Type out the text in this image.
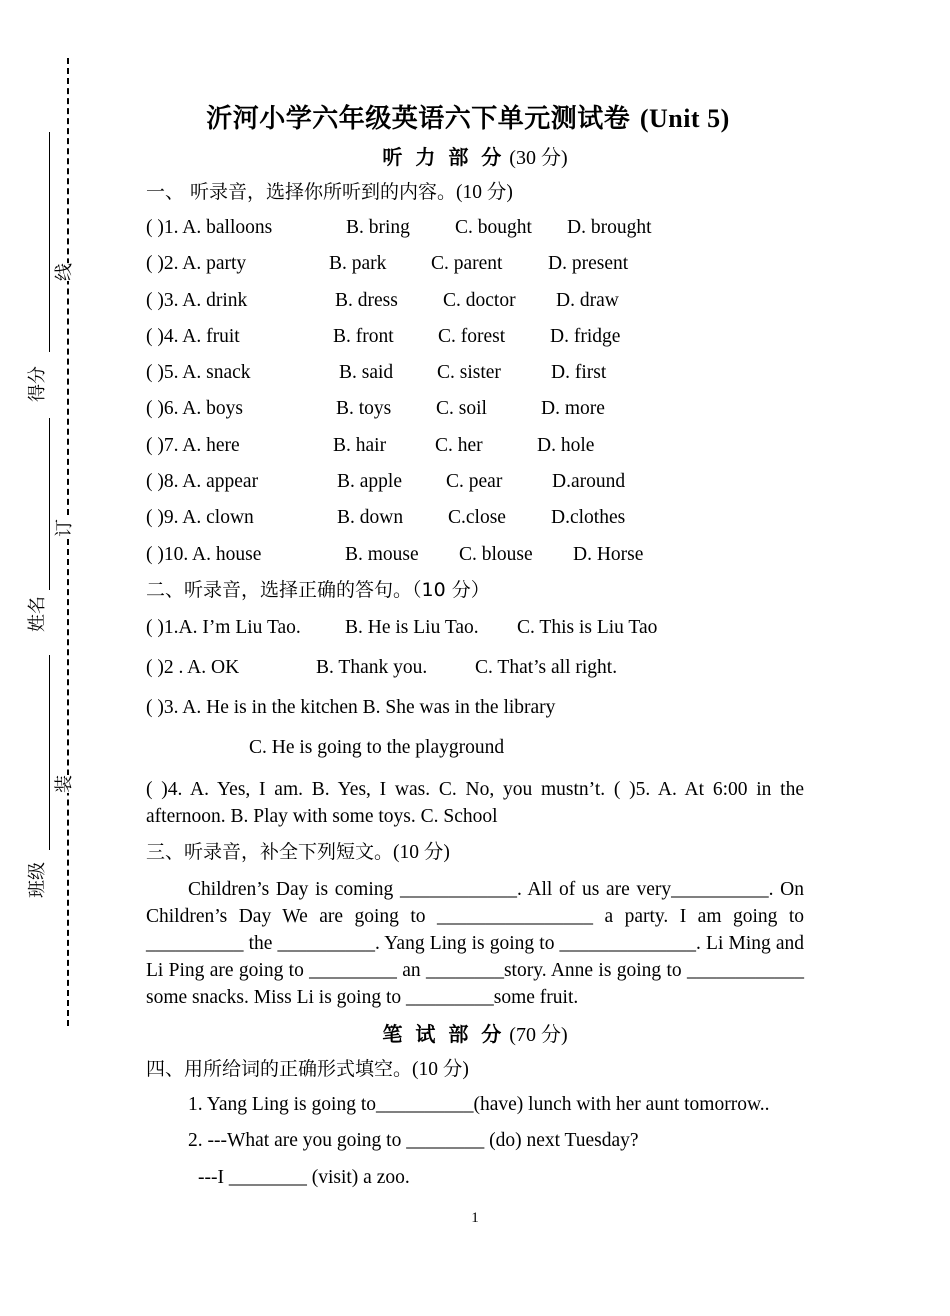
得分
姓名
班级
线
订
装
沂河小学六年级英语六下单元测试卷 (Unit 5)
听 力 部 分 (30 分)
一、 听录音，选择你所听到的内容。(10 分)
( )1. A. balloons	B. bring C. bought D. brought
( )2. A. party	B. park C. parent D. present
( )3. A. drink	B. dress C. doctor D. draw
( )4. A. fruit	B. front C. forest D. fridge
( )5. A. snack	B. said C. sister	D. first
( )6. A. boys	B. toys C. soil	D. more
( )7. A. here	B. hair	C. her	D. hole
( )8. A. appear	B. apple C. pear	D.around
( )9. A. clown	B. down C.close D.clothes
( )10. A. house	B. mouse C. blouse D. Horse
二、听录音，选择正确的答句。（10 分）
( )1.A. I’m Liu Tao. B. He is Liu Tao. C. This is Liu Tao
( )2 . A. OK	B. Thank you. C. That’s all right.
( )3. A. He is in the kitchen B. She was in the library
C. He is going to the playground
( )4. A. Yes, I am. B. Yes, I was. C. No, you mustn’t. ( )5. A. At 6:00 in the afternoon. B. Play with some toys. C. School
三、听录音，补全下列短文。(10 分)
Children’s Day is coming ____________. All of us are very__________. On Children’s Day We are going to ________________ a party. I am going to __________ the __________. Yang Ling is going to ______________. Li Ming and Li Ping are going to _________ an ________story. Anne is going to ____________ some snacks. Miss Li is going to _________some fruit.
笔 试 部 分 (70 分)
四、用所给词的正确形式填空。(10 分)
1. Yang Ling is going to__________(have) lunch with her aunt tomorrow..
2. ---What are you going to ________ (do) next Tuesday?
---I ________ (visit) a zoo.
1
